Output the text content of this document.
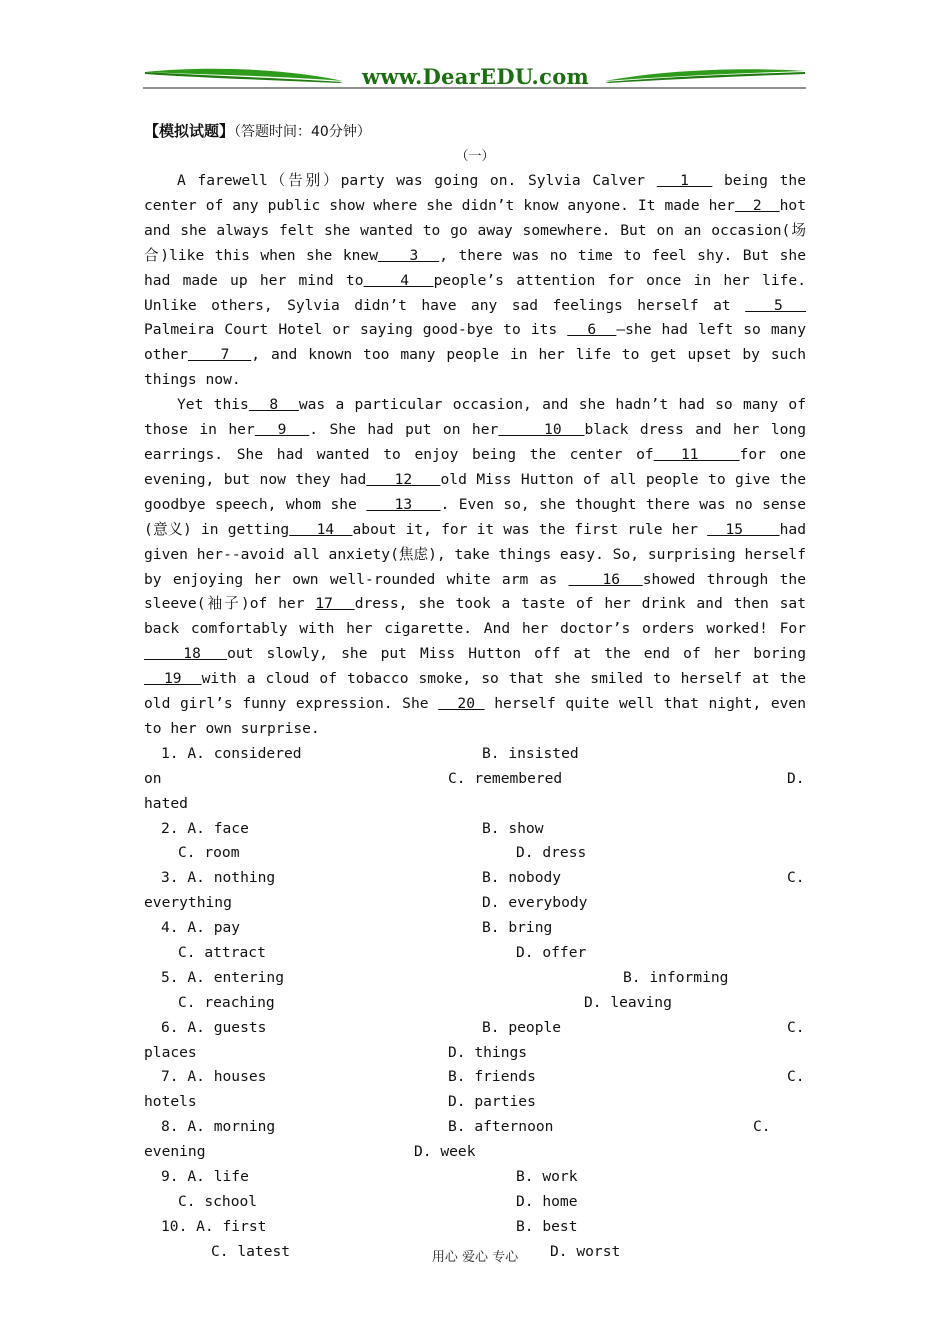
www.DearEDU.com
【模拟试题】（答题时间：40分钟）
（一）

A farewell（告别）party was going on. Sylvia Calver   1   being the center of any public show where she didn’t know anyone. It made her  2  hot and she always felt she wanted to go away somewhere. But on an occasion(场合)like this when she knew   3  , there was no time to feel shy. But she had made up her mind to   4  people’s attention for once in her life. Unlike others, Sylvia didn’t have any sad feelings herself at   5   Palmeira Court Hotel or saying good-bye to its   6  —she had left so many other   7  , and known too many people in her life to get upset by such things now.

Yet this  8  was a particular occasion, and she hadn’t had so many of those in her  9  . She had put on her    10  black dress and her long earrings. She had wanted to enjoy being the center of  11   for one evening, but now they had   12   old Miss Hutton of all people to give the goodbye speech, whom she    13   . Even so, she thought there was no sense (意义) in getting   14  about it, for it was the first rule her   15    had given her--avoid all anxiety(焦虑), take things easy. So, surprising herself by enjoying her own well-rounded white arm as    16  showed through the sleeve(袖子)of her 17  dress, she took a taste of her drink and then sat back comfortably with her cigarette. And her doctor’s orders worked! For    18  out slowly, she put Miss Hutton off at the end of her boring  19  with a cloud of tobacco smoke, so that she smiled to herself at the old girl’s funny expression. She   20  herself quite well that night, even to her own surprise.

1. A. considered	B. insisted
on	C. remembered	D.
hated
2. A. face	B. show
C. room	D. dress
3. A. nothing	B. nobody	C.
everything	D. everybody
4. A. pay	B. bring
C. attract	D. offer
5. A. entering	B. informing
C. reaching	D. leaving
6. A. guests	B. people	C.
places	D. things
7. A. houses	B. friends	C.
hotels	D. parties
8. A. morning	B. afternoon	C.
evening	D. week
9. A. life	B. work
C. school	D. home
10. A. first	B. best
C. latest	D. worst
用心 爱心 专心
